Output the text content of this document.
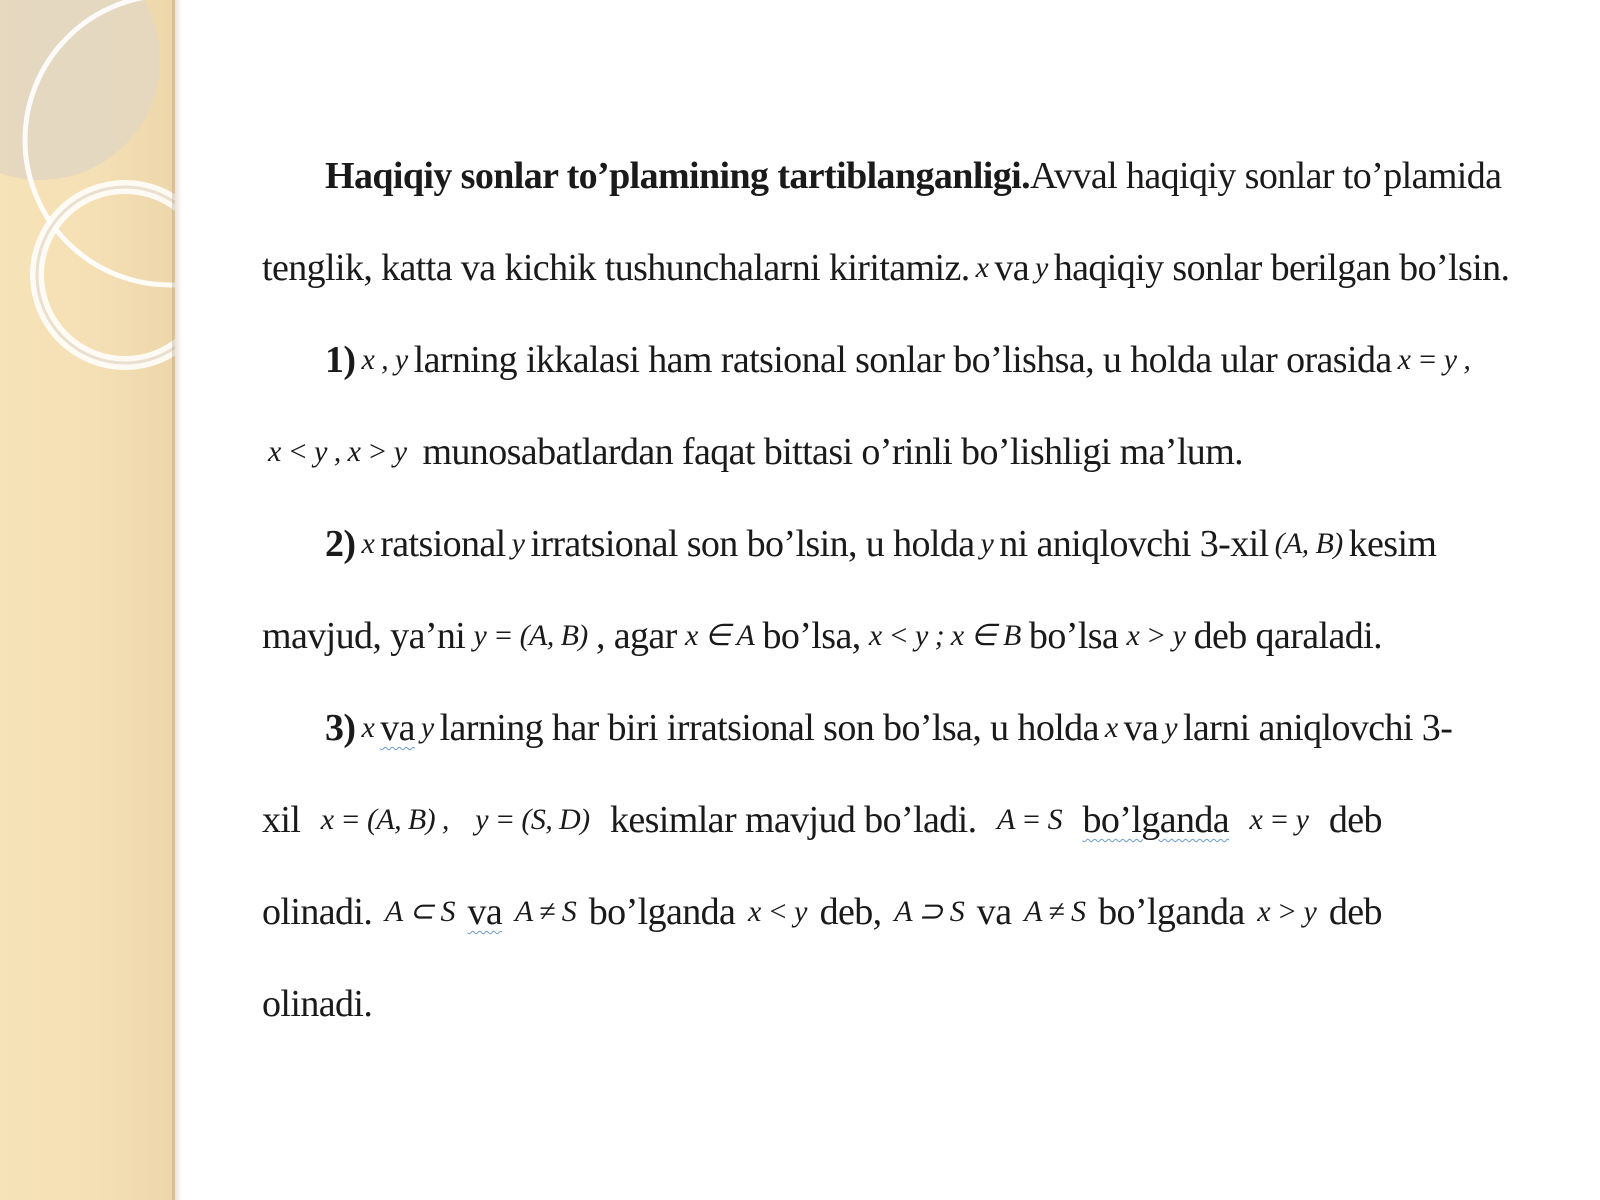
Haqiqiy sonlar to’plamining tartiblanganligi. Avval haqiqiy sonlar to’plamida
tenglik, katta va kichik tushunchalarni kiritamiz. x va y haqiqiy sonlar berilgan bo’lsin.
1) x , y larning ikkalasi ham ratsional sonlar bo’lishsa, u holda ular orasida x = y ,
x < y , x > y munosabatlardan faqat bittasi o’rinli bo’lishligi ma’lum.
2) x ratsional y irratsional son bo’lsin, u holda y ni aniqlovchi 3-xil (A, B) kesim
mavjud, ya’ni y = (A, B) , agar x ∈ A bo’lsa, x < y ; x ∈ B bo’lsa x > y deb qaraladi.
3) x va y larning har biri irratsional son bo’lsa, u holda x va y larni aniqlovchi 3-
xil x = (A, B) , y = (S, D) kesimlar mavjud bo’ladi. A = S bo’lganda x = y deb
olinadi. A ⊂ S va A ≠ S bo’lganda x < y deb, A ⊃ S va A ≠ S bo’lganda x > y deb
olinadi.
